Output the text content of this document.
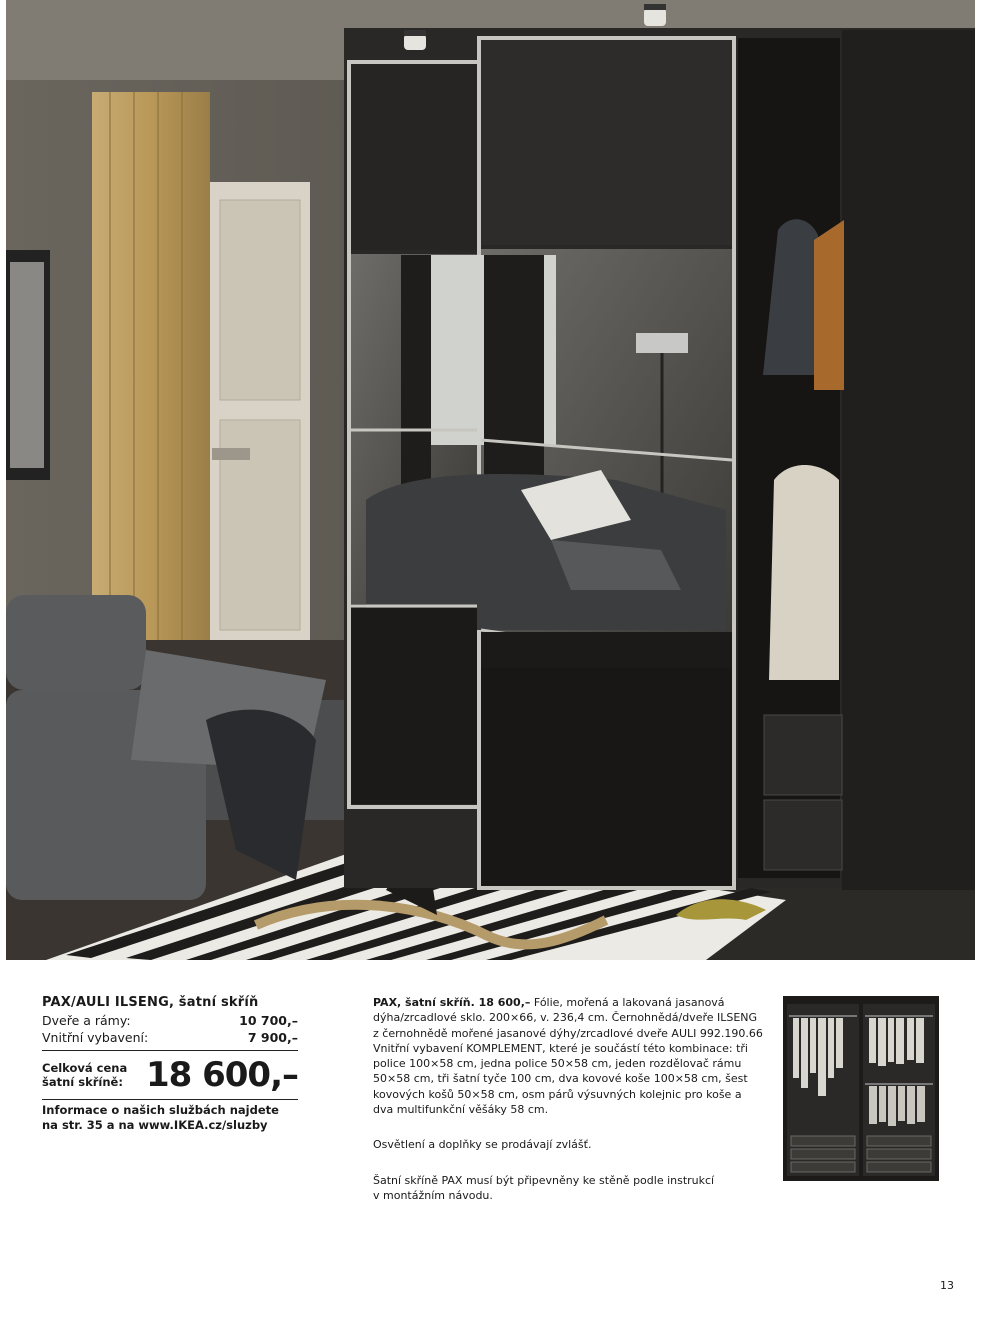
PAX/AULI ILSENG, šatní skříň
Dveře a rámy:	10 700,–
Vnitřní vybavení:	7 900,–
Celková cena
šatní skříně: 18 600,–
Informace o našich službách najdete
na str. 35 a na www.IKEA.cz/sluzby

PAX, šatní skříň. 18 600,– Fólie, mořená a lakovaná jasanová dýha/zrcadlové sklo. 200×66, v. 236,4 cm. Černohnědá/dveře ILSENG z černohnědě mořené jasanové dýhy/zrcadlové dveře AULI 992.190.66 Vnitřní vybavení KOMPLEMENT, které je součástí této kombinace: tři police 100×58 cm, jedna police 50×58 cm, jeden rozdělovač rámu 50×58 cm, tři šatní tyče 100 cm, dva kovové koše 100×58 cm, šest kovových košů 50×58 cm, osm párů výsuvných kolejnic pro koše a dva multifunkční věšáky 58 cm.

Osvětlení a doplňky se prodávají zvlášť.

Šatní skříně PAX musí být připevněny ke stěně podle instrukcí
v montážním návodu.

13
